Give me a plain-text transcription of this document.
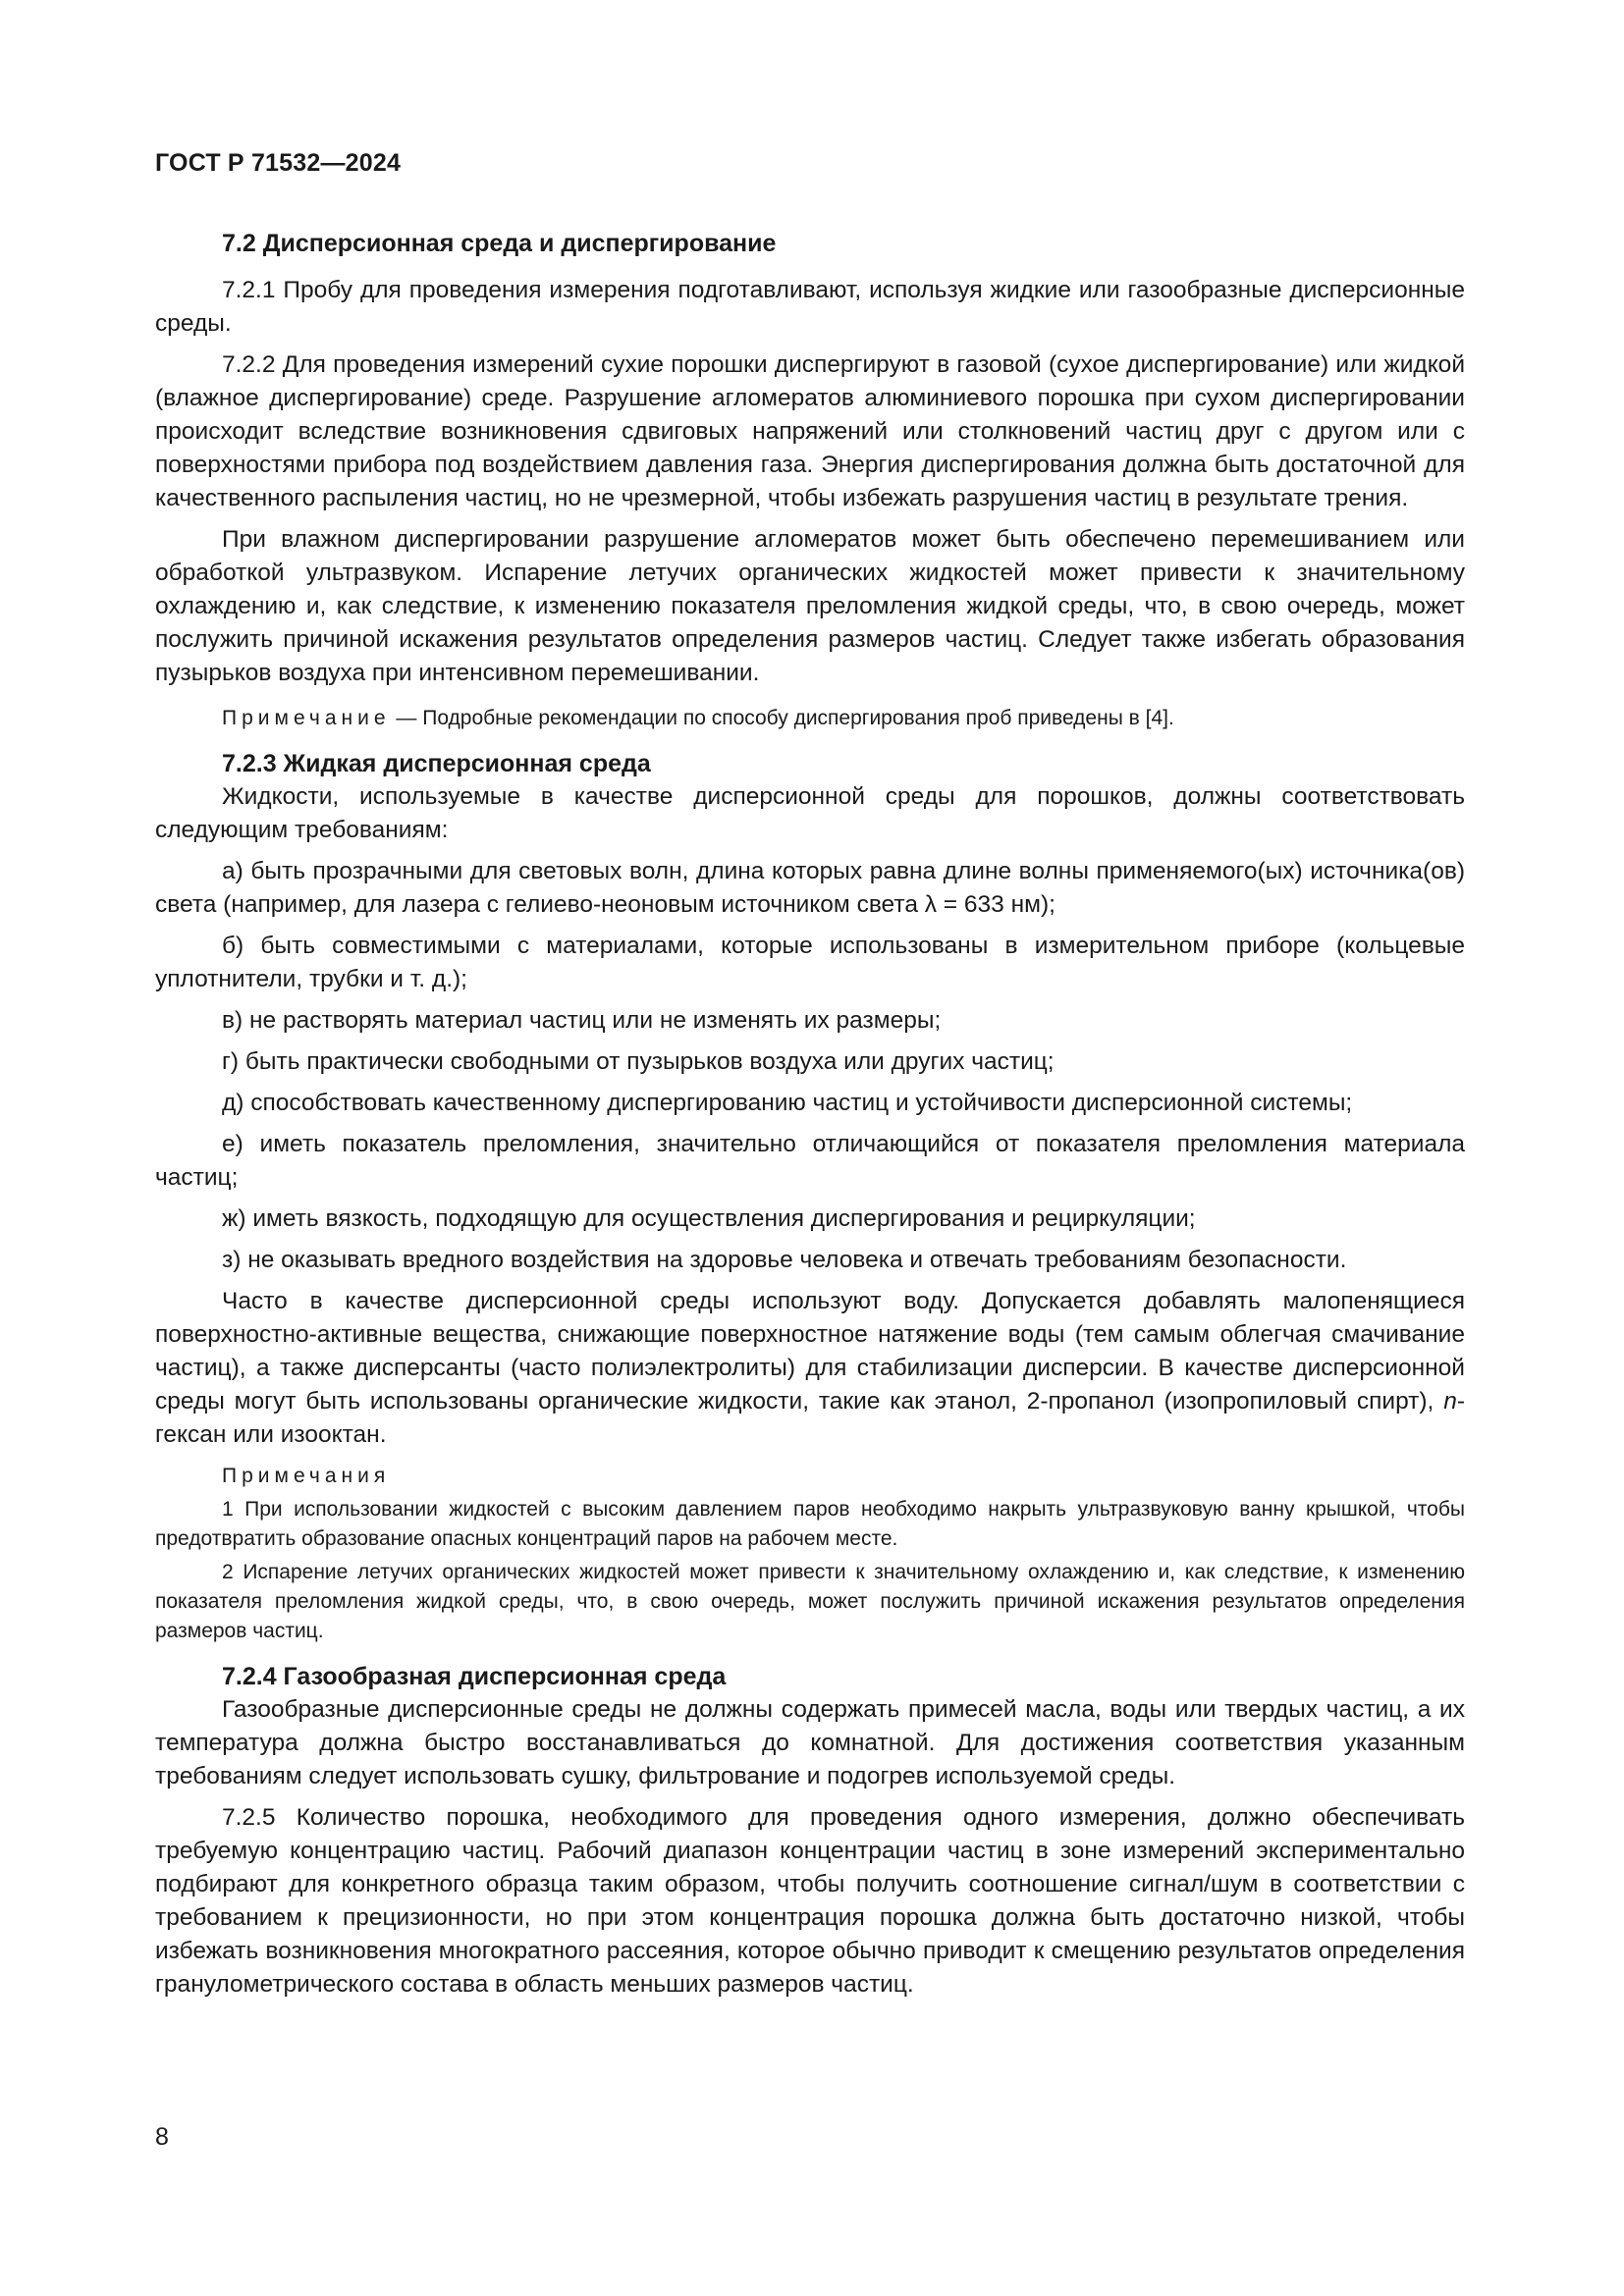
ГОСТ Р 71532—2024

7.2 Дисперсионная среда и диспергирование

7.2.1 Пробу для проведения измерения подготавливают, используя жидкие или газообразные дисперсионные среды.

7.2.2 Для проведения измерений сухие порошки диспергируют в газовой (сухое диспергирование) или жидкой (влажное диспергирование) среде. Разрушение агломератов алюминиевого порошка при сухом диспергировании происходит вследствие возникновения сдвиговых напряжений или столкновений частиц друг с другом или с поверхностями прибора под воздействием давления газа. Энергия диспергирования должна быть достаточной для качественного распыления частиц, но не чрезмерной, чтобы избежать разрушения частиц в результате трения.

При влажном диспергировании разрушение агломератов может быть обеспечено перемешиванием или обработкой ультразвуком. Испарение летучих органических жидкостей может привести к значительному охлаждению и, как следствие, к изменению показателя преломления жидкой среды, что, в свою очередь, может послужить причиной искажения результатов определения размеров частиц. Следует также избегать образования пузырьков воздуха при интенсивном перемешивании.

Примечание — Подробные рекомендации по способу диспергирования проб приведены в [4].

7.2.3 Жидкая дисперсионная среда

Жидкости, используемые в качестве дисперсионной среды для порошков, должны соответствовать следующим требованиям:

а) быть прозрачными для световых волн, длина которых равна длине волны применяемого(ых) источника(ов) света (например, для лазера с гелиево-неоновым источником света λ = 633 нм);

б) быть совместимыми с материалами, которые использованы в измерительном приборе (кольцевые уплотнители, трубки и т. д.);

в) не растворять материал частиц или не изменять их размеры;

г) быть практически свободными от пузырьков воздуха или других частиц;

д) способствовать качественному диспергированию частиц и устойчивости дисперсионной системы;

е) иметь показатель преломления, значительно отличающийся от показателя преломления материала частиц;

ж) иметь вязкость, подходящую для осуществления диспергирования и рециркуляции;

з) не оказывать вредного воздействия на здоровье человека и отвечать требованиям безопасности.

Часто в качестве дисперсионной среды используют воду. Допускается добавлять малопенящиеся поверхностно-активные вещества, снижающие поверхностное натяжение воды (тем самым облегчая смачивание частиц), а также дисперсанты (часто полиэлектролиты) для стабилизации дисперсии. В качестве дисперсионной среды могут быть использованы органические жидкости, такие как этанол, 2-пропанол (изопропиловый спирт), n-гексан или изооктан.

Примечания

1 При использовании жидкостей с высоким давлением паров необходимо накрыть ультразвуковую ванну крышкой, чтобы предотвратить образование опасных концентраций паров на рабочем месте.

2 Испарение летучих органических жидкостей может привести к значительному охлаждению и, как следствие, к изменению показателя преломления жидкой среды, что, в свою очередь, может послужить причиной искажения результатов определения размеров частиц.

7.2.4 Газообразная дисперсионная среда

Газообразные дисперсионные среды не должны содержать примесей масла, воды или твердых частиц, а их температура должна быстро восстанавливаться до комнатной. Для достижения соответствия указанным требованиям следует использовать сушку, фильтрование и подогрев используемой среды.

7.2.5 Количество порошка, необходимого для проведения одного измерения, должно обеспечивать требуемую концентрацию частиц. Рабочий диапазон концентрации частиц в зоне измерений экспериментально подбирают для конкретного образца таким образом, чтобы получить соотношение сигнал/шум в соответствии с требованием к прецизионности, но при этом концентрация порошка должна быть достаточно низкой, чтобы избежать возникновения многократного рассеяния, которое обычно приводит к смещению результатов определения гранулометрического состава в область меньших размеров частиц.

8
